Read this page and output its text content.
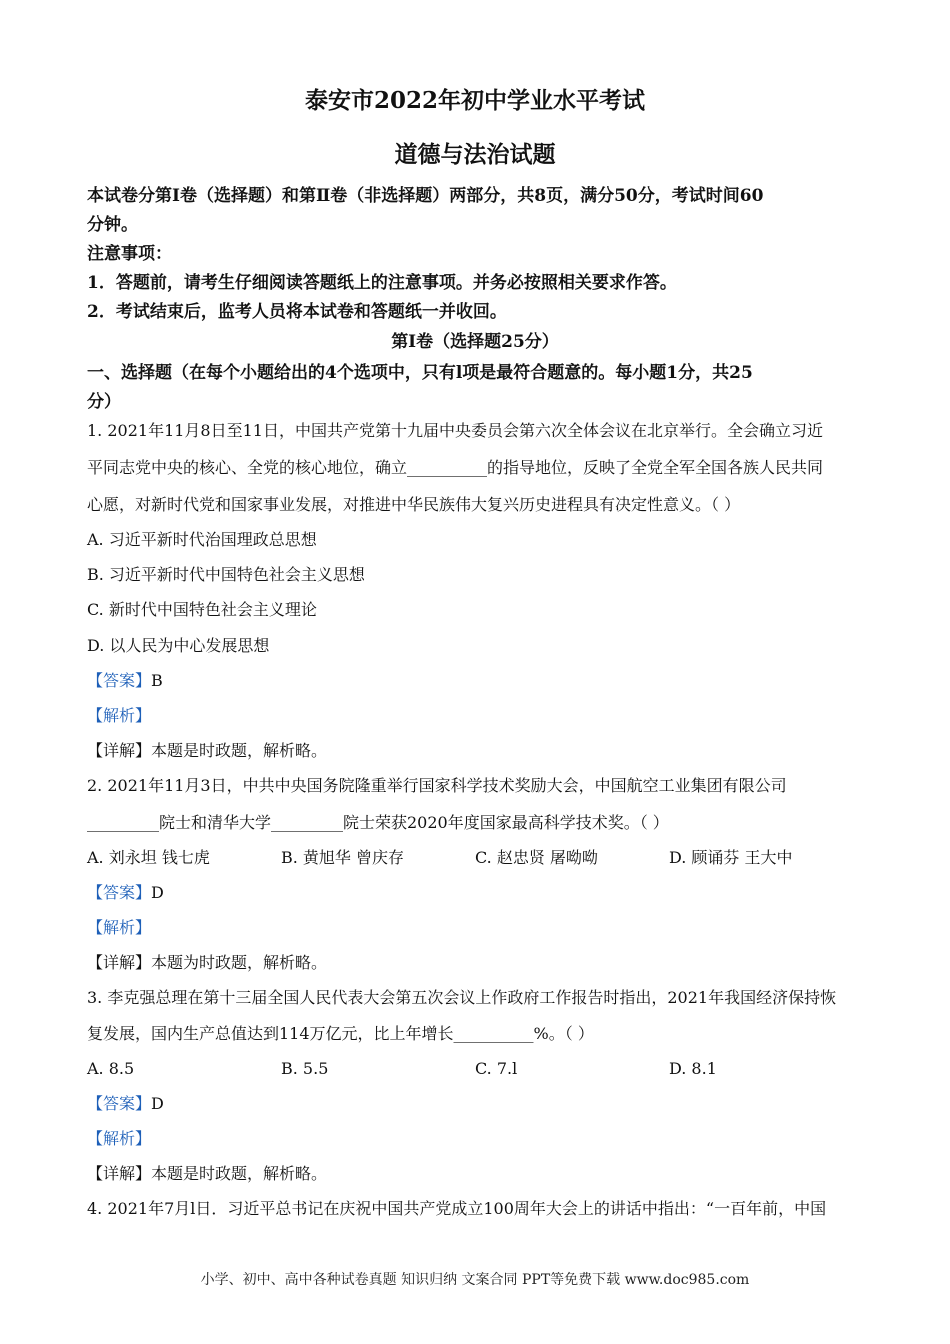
泰安市2022年初中学业水平考试
道德与法治试题
本试卷分第Ⅰ卷（选择题）和第Ⅱ卷（非选择题）两部分，共8页，满分50分，考试时间60
分钟。
注意事项：
1．答题前，请考生仔细阅读答题纸上的注意事项。并务必按照相关要求作答。
2．考试结束后，监考人员将本试卷和答题纸一并收回。
第Ⅰ卷（选择题25分）
一、选择题（在每个小题给出的4个选项中，只有l项是最符合题意的。每小题1分，共25
分）
1. 2021年11月8日至11日，中国共产党第十九届中央委员会第六次全体会议在北京举行。全会确立习近
平同志党中央的核心、全党的核心地位，确立__________的指导地位，反映了全党全军全国各族人民共同
心愿，对新时代党和国家事业发展，对推进中华民族伟大复兴历史进程具有决定性意义。（ ）
A. 习近平新时代治国理政总思想
B. 习近平新时代中国特色社会主义思想
C. 新时代中国特色社会主义理论
D. 以人民为中心发展思想
【答案】B
【解析】
【详解】本题是时政题，解析略。
2. 2021年11月3日，中共中央国务院隆重举行国家科学技术奖励大会，中国航空工业集团有限公司
_________院士和清华大学_________院士荣获2020年度国家最高科学技术奖。（ ）
A. 刘永坦 钱七虎	B. 黄旭华 曾庆存	C. 赵忠贤 屠呦呦	D. 顾诵芬 王大中
【答案】D
【解析】
【详解】本题为时政题，解析略。
3. 李克强总理在第十三届全国人民代表大会第五次会议上作政府工作报告时指出，2021年我国经济保持恢
复发展，国内生产总值达到114万亿元，比上年增长__________%。（ ）
A. 8.5	B. 5.5	C. 7.l	D. 8.1
【答案】D
【解析】
【详解】本题是时政题，解析略。
4. 2021年7月l日．习近平总书记在庆祝中国共产党成立100周年大会上的讲话中指出：“一百年前，中国
小学、初中、高中各种试卷真题 知识归纳 文案合同 PPT等免费下载 www.doc985.com
